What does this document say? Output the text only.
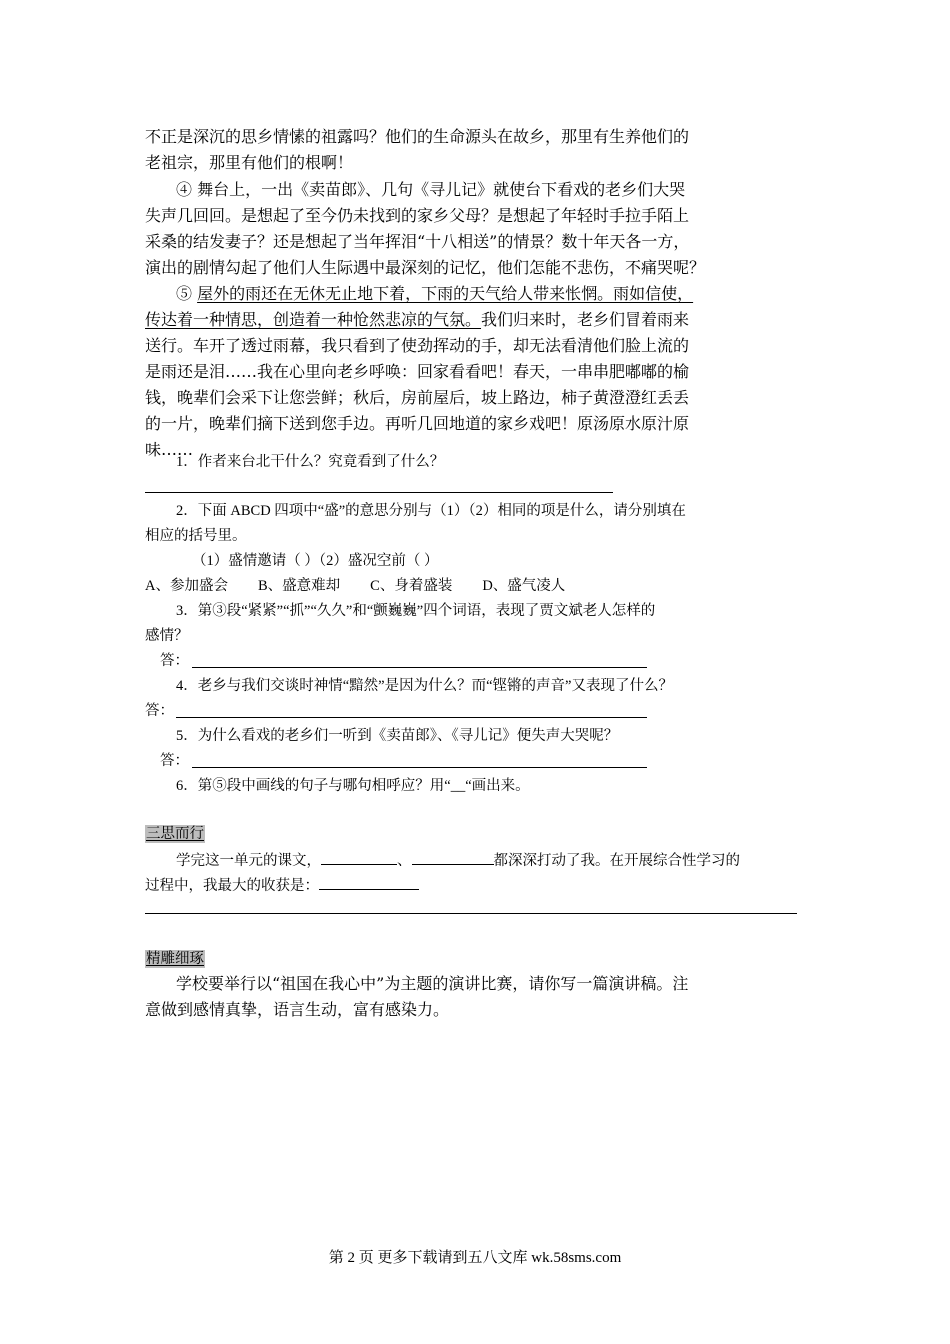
不正是深沉的思乡情愫的祖露吗？他们的生命源头在故乡，那里有生养他们的
老祖宗，那里有他们的根啊！
④ 舞台上，一出《卖苗郎》、几句《寻儿记》就使台下看戏的老乡们大哭
失声几回回。是想起了至今仍未找到的家乡父母？是想起了年轻时手拉手陌上
采桑的结发妻子？还是想起了当年挥泪“十八相送”的情景？数十年天各一方，
演出的剧情勾起了他们人生际遇中最深刻的记忆，他们怎能不悲伤，不痛哭呢？
⑤ 屋外的雨还在无休无止地下着，下雨的天气给人带来怅惘。雨如信使，
传达着一种情思，创造着一种怆然悲凉的气氛。我们归来时，老乡们冒着雨来
送行。车开了透过雨幕，我只看到了使劲挥动的手，却无法看清他们脸上流的
是雨还是泪……我在心里向老乡呼唤：回家看看吧！春天，一串串肥嘟嘟的榆
钱，晚辈们会采下让您尝鲜；秋后，房前屋后，坡上路边，柿子黄澄澄红丢丢
的一片，晚辈们摘下送到您手边。再听几回地道的家乡戏吧！原汤原水原汁原
味……
1．作者来台北干什么？究竟看到了什么？
2．下面 ABCD 四项中“盛”的意思分别与（1）（2）相同的项是什么，请分别填在
相应的括号里。
（1）盛情邀请（ ）（2）盛况空前（ ）
A、参加盛会 B、盛意难却 C、身着盛装 D、盛气凌人
3．第③段“紧紧”“抓”“久久”和“颤巍巍”四个词语，表现了贾文斌老人怎样的
感情？
答：
4．老乡与我们交谈时神情“黯然”是因为什么？而“铿锵的声音”又表现了什么？
答：
5．为什么看戏的老乡们一听到《卖苗郎》、《寻儿记》便失声大哭呢？
答：
6．第⑤段中画线的句子与哪句相呼应？用“__“画出来。
三思而行
学完这一单元的课文，	、	都深深打动了我。在开展综合性学习的
过程中，我最大的收获是：
精雕细琢
学校要举行以“祖国在我心中”为主题的演讲比赛，请你写一篇演讲稿。注
意做到感情真挚，语言生动，富有感染力。
第 2 页 更多下载请到五八文库 wk.58sms.com
